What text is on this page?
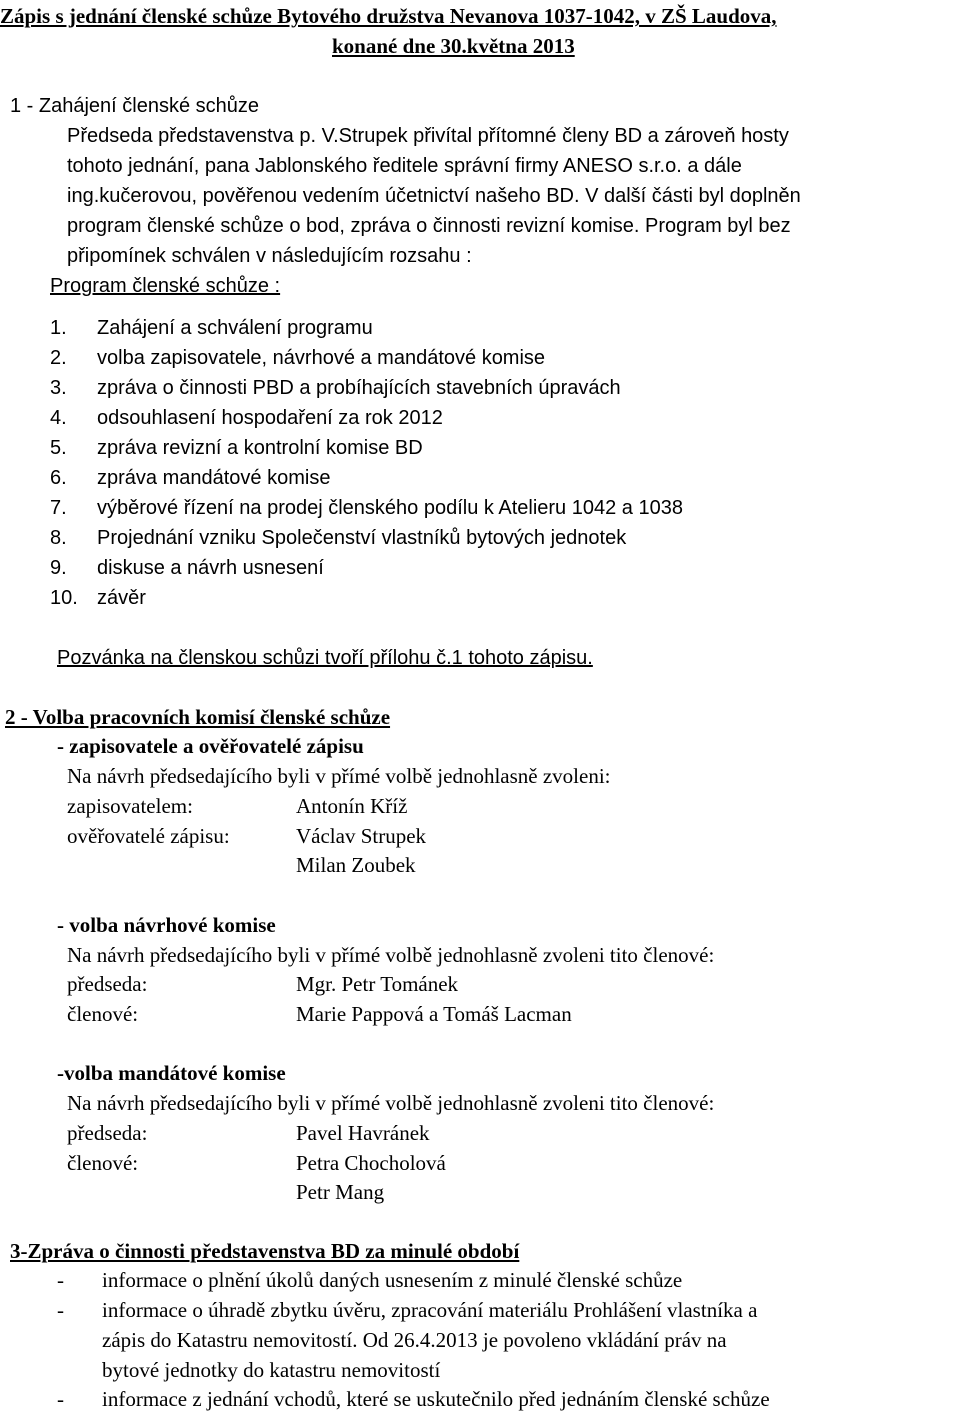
Zápis s jednání členské schůze Bytového družstva Nevanova 1037-1042, v ZŠ Laudova,
konané dne 30.května 2013
1 - Zahájení členské schůze
Předseda představenstva p. V.Strupek přivítal přítomné členy BD a zároveň hosty
tohoto jednání, pana Jablonského ředitele správní firmy ANESO s.r.o. a dále
ing.kučerovou, pověřenou vedením účetnictví našeho BD. V další části byl doplněn
program členské schůze o bod, zpráva o činnosti revizní komise. Program byl bez
připomínek schválen v následujícím rozsahu :
Program členské schůze :
1. Zahájení a schválení programu
2. volba zapisovatele, návrhové a mandátové komise
3. zpráva o činnosti PBD a probíhajících stavebních úpravách
4. odsouhlasení hospodaření za rok 2012
5. zpráva revizní a kontrolní komise BD
6. zpráva mandátové komise
7. výběrové řízení na prodej členského podílu k Atelieru 1042 a 1038
8. Projednání vzniku Společenství vlastníků bytových jednotek
9. diskuse a návrh usnesení
10. závěr
Pozvánka na členskou schůzi tvoří přílohu č.1 tohoto zápisu.
2 - Volba pracovních komisí členské schůze
- zapisovatele a ověřovatelé zápisu
Na návrh předsedajícího byli v přímé volbě jednohlasně zvoleni:
zapisovatelem:	Antonín Kříž
ověřovatelé zápisu:	Václav Strupek
Milan Zoubek
- volba návrhové komise
Na návrh předsedajícího byli v přímé volbě jednohlasně zvoleni tito členové:
předseda:	Mgr. Petr Tománek
členové:	Marie Pappová a Tomáš Lacman
-volba mandátové komise
Na návrh předsedajícího byli v přímé volbě jednohlasně zvoleni tito členové:
předseda:	Pavel Havránek
členové:	Petra Chocholová
Petr Mang
3-Zpráva o činnosti představenstva BD za minulé období
- informace o plnění úkolů daných usnesením z minulé členské schůze
- informace o úhradě zbytku úvěru, zpracování materiálu Prohlášení vlastníka a
zápis do Katastru nemovitostí. Od 26.4.2013 je povoleno vkládání práv na
bytové jednotky do katastru nemovitostí
- informace z jednání vchodů, které se uskutečnilo před jednáním členské schůze
